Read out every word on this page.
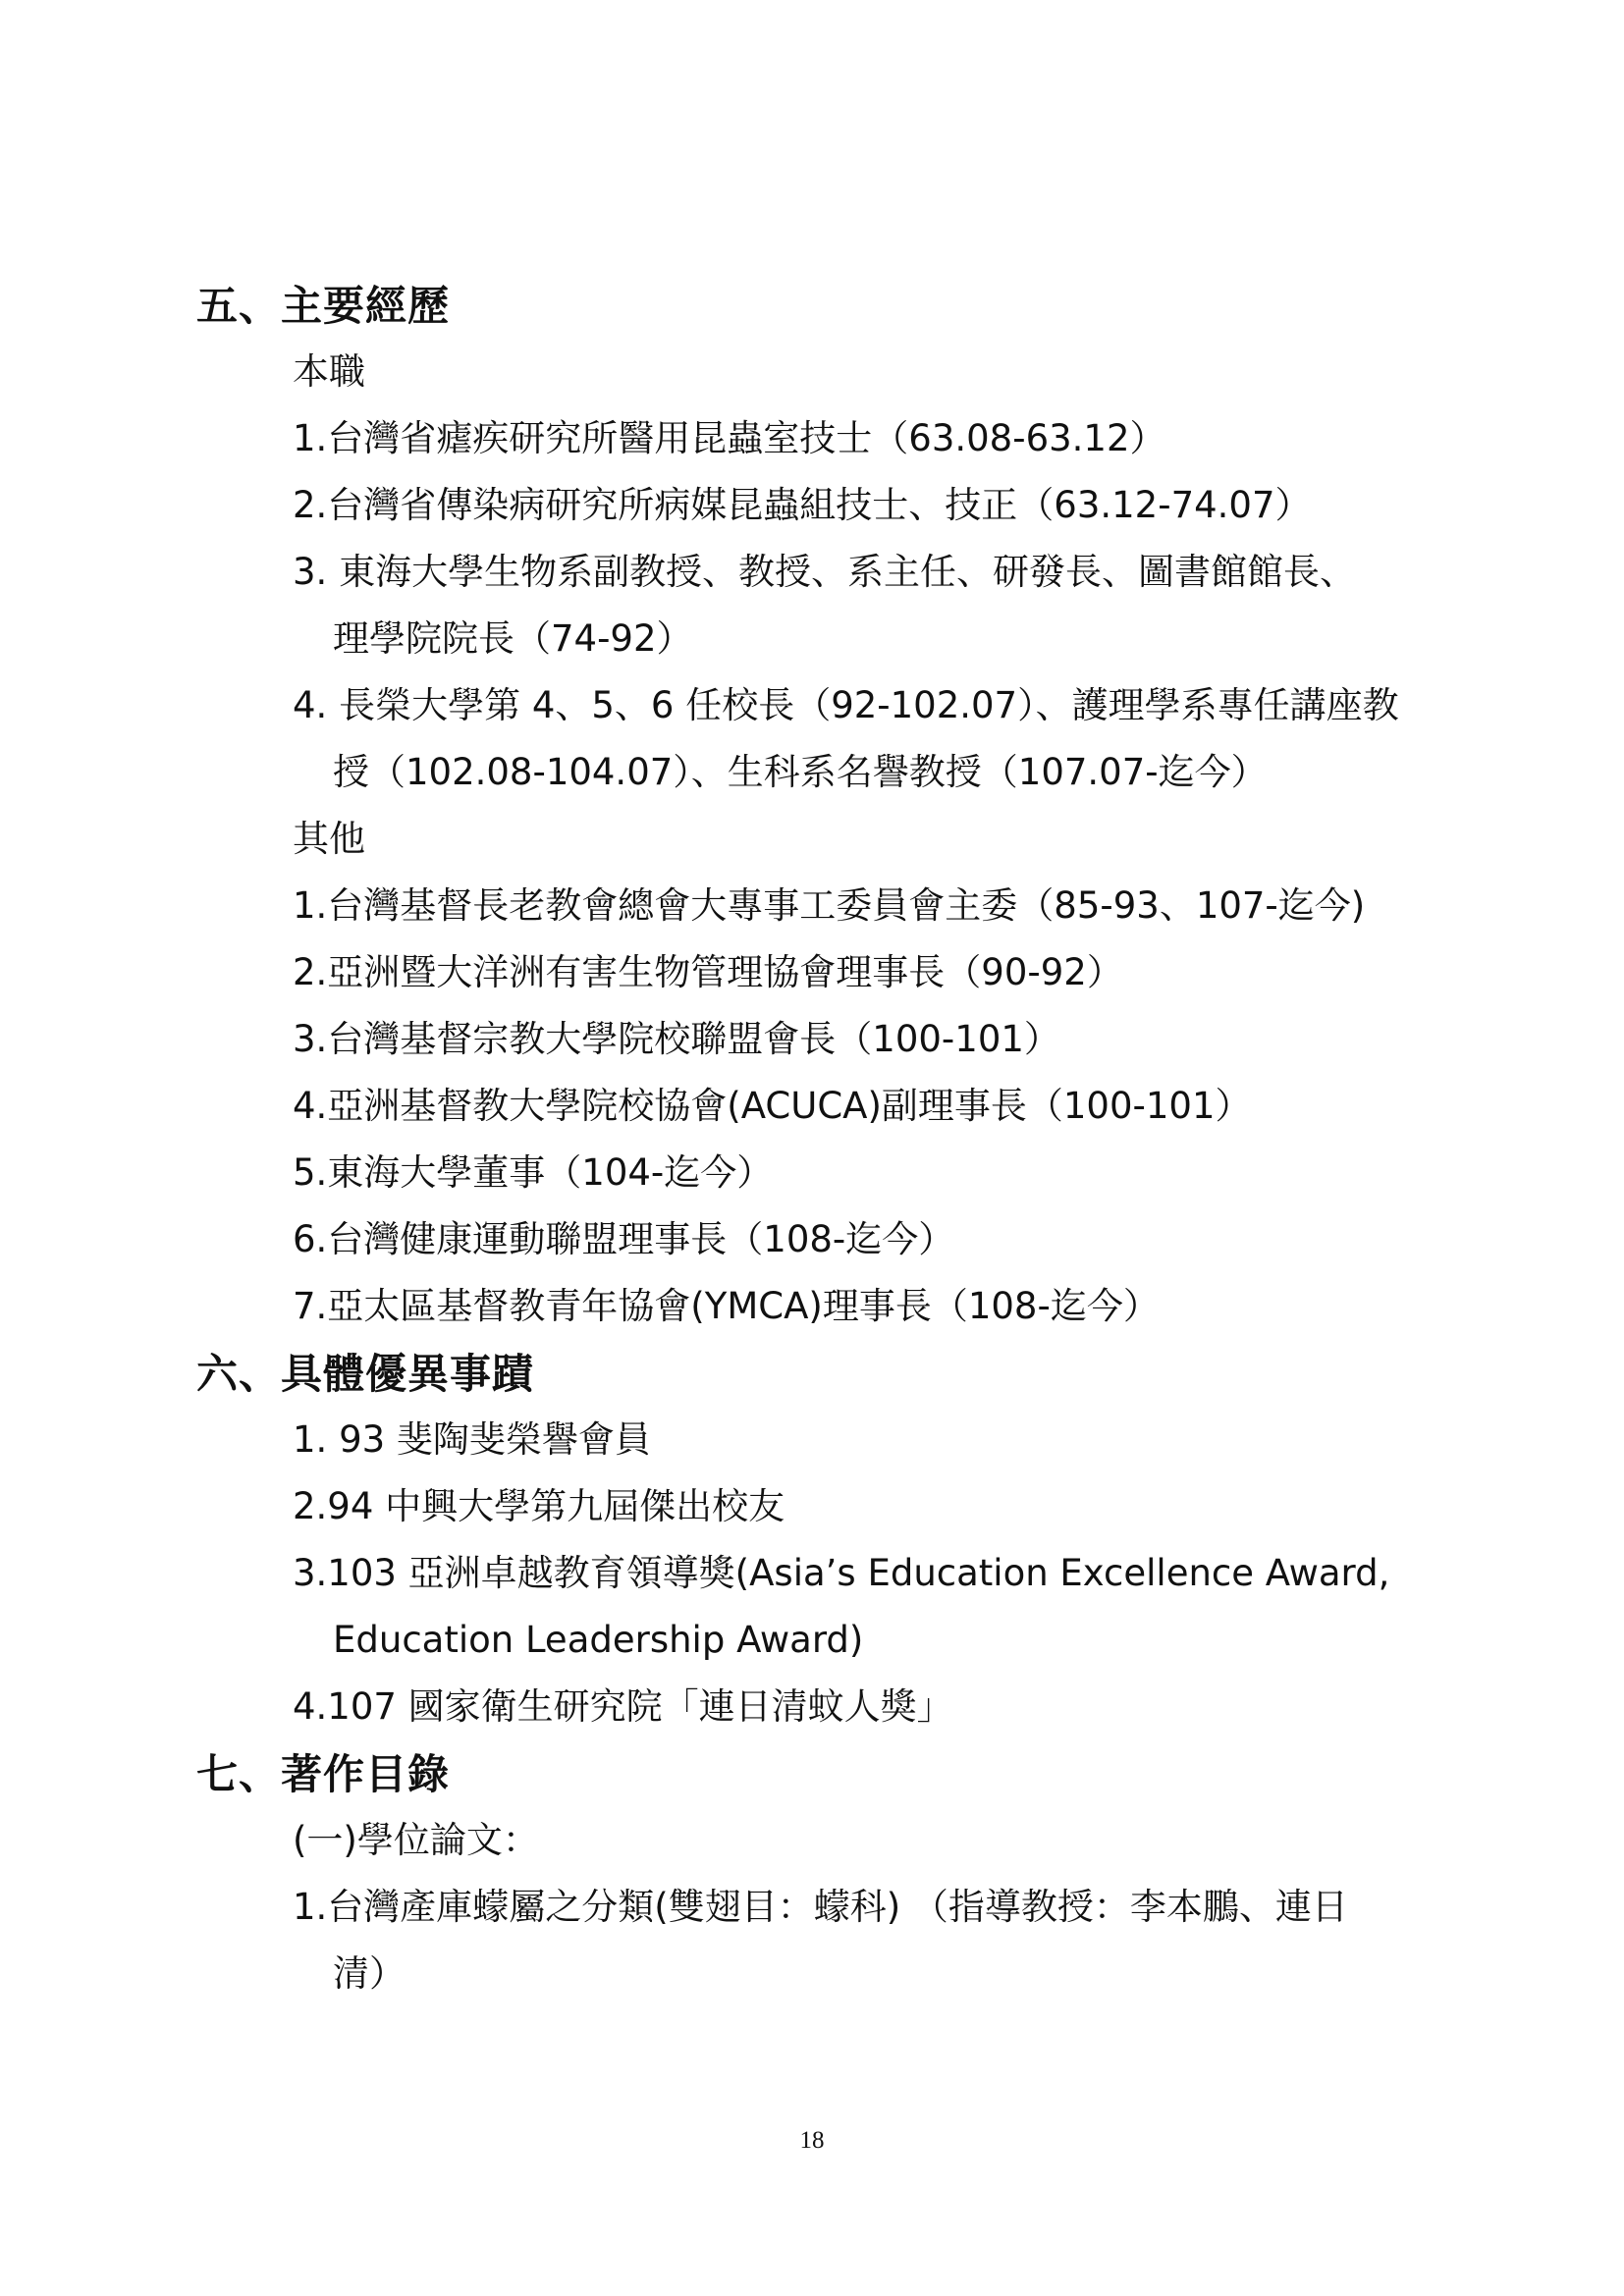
五、主要經歷
本職
1.台灣省瘧疾研究所醫用昆蟲室技士（63.08-63.12）
2.台灣省傳染病研究所病媒昆蟲組技士、技正（63.12-74.07）
3. 東海大學生物系副教授、教授、系主任、研發長、圖書館館長、
理學院院長（74-92）
4. 長榮大學第 4、5、6 任校長（92-102.07）、護理學系專任講座教
授（102.08-104.07）、生科系名譽教授（107.07-迄今）
其他
1.台灣基督長老教會總會大專事工委員會主委（85-93、107-迄今)
2.亞洲暨大洋洲有害生物管理協會理事長（90-92）
3.台灣基督宗教大學院校聯盟會長（100-101）
4.亞洲基督教大學院校協會(ACUCA)副理事長（100-101）
5.東海大學董事（104-迄今）
6.台灣健康運動聯盟理事長（108-迄今）
7.亞太區基督教青年協會(YMCA)理事長（108-迄今）
六、具體優異事蹟
1. 93 斐陶斐榮譽會員
2.94 中興大學第九屆傑出校友
3.103 亞洲卓越教育領導獎(Asia’s Education Excellence Award,
Education Leadership Award)
4.107 國家衛生研究院「連日清蚊人獎」
七、著作目錄
(一)學位論文：
1.台灣產庫蠓屬之分類(雙翅目：蠓科) （指導教授：李本鵬、連日
清）
18
